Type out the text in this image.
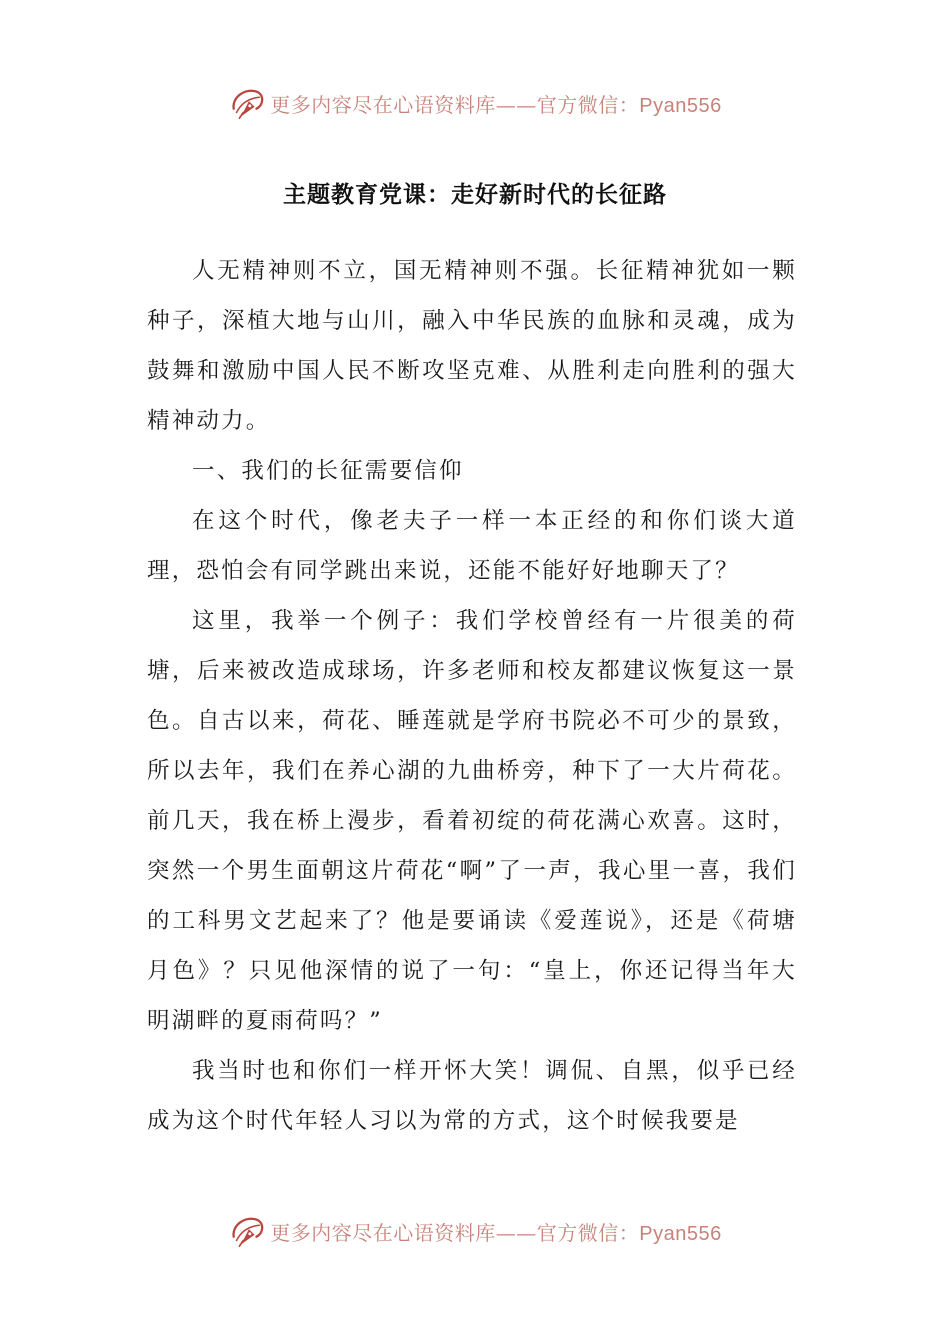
更多内容尽在心语资料库——官方微信：Pyan556
主题教育党课：走好新时代的长征路

人无精神则不立，国无精神则不强。长征精神犹如一颗种子，深植大地与山川，融入中华民族的血脉和灵魂，成为鼓舞和激励中国人民不断攻坚克难、从胜利走向胜利的强大精神动力。

一、我们的长征需要信仰

在这个时代，像老夫子一样一本正经的和你们谈大道理，恐怕会有同学跳出来说，还能不能好好地聊天了？

这里，我举一个例子：我们学校曾经有一片很美的荷塘，后来被改造成球场，许多老师和校友都建议恢复这一景色。自古以来，荷花、睡莲就是学府书院必不可少的景致，所以去年，我们在养心湖的九曲桥旁，种下了一大片荷花。前几天，我在桥上漫步，看着初绽的荷花满心欢喜。这时，突然一个男生面朝这片荷花“啊”了一声，我心里一喜，我们的工科男文艺起来了？他是要诵读《爱莲说》，还是《荷塘月色》？只见他深情的说了一句：“皇上，你还记得当年大明湖畔的夏雨荷吗？”

我当时也和你们一样开怀大笑！调侃、自黑，似乎已经成为这个时代年轻人习以为常的方式，这个时候我要是

更多内容尽在心语资料库——官方微信：Pyan556
